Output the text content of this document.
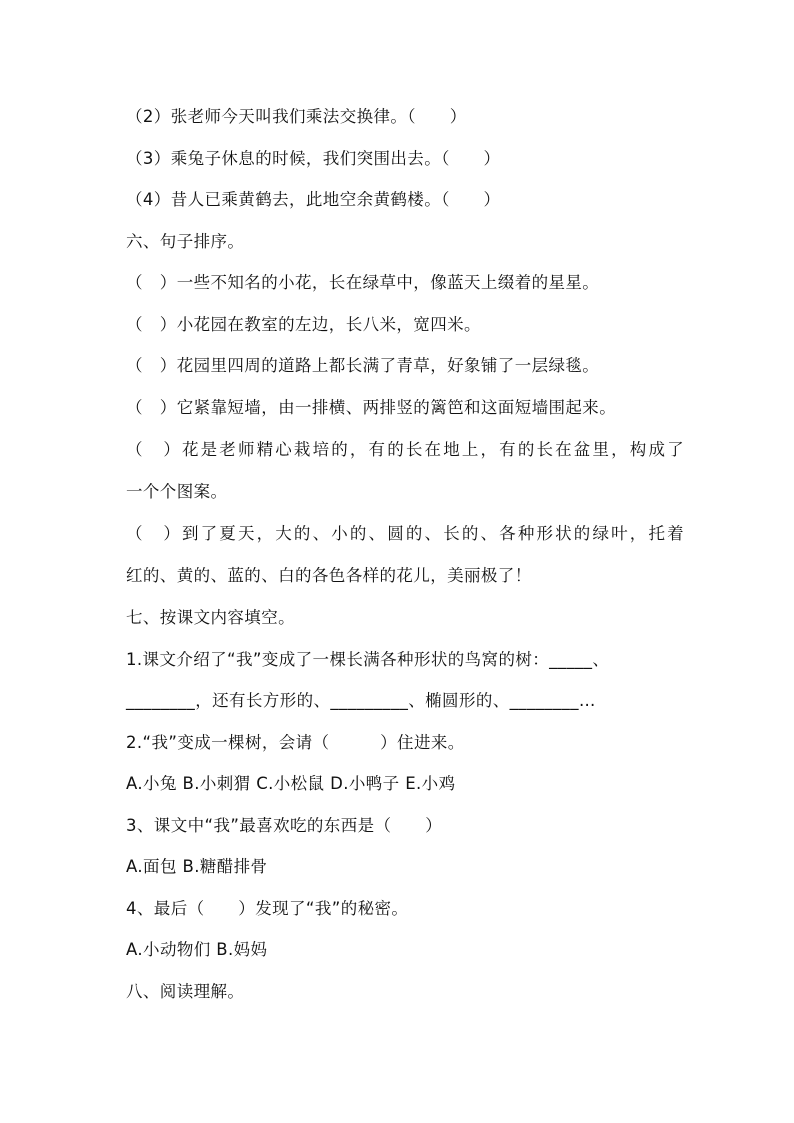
（2）张老师今天叫我们乘法交换律。（　　）
（3）乘兔子休息的时候，我们突围出去。（　　）
（4）昔人已乘黄鹤去，此地空余黄鹤楼。（　　）
六、句子排序。
（　）一些不知名的小花，长在绿草中，像蓝天上缀着的星星。
（　）小花园在教室的左边，长八米，宽四米。
（　）花园里四周的道路上都长满了青草，好象铺了一层绿毯。
（　）它紧靠短墙，由一排横、两排竖的篱笆和这面短墙围起来。
（　）花是老师精心栽培的，有的长在地上，有的长在盆里，构成了
一个个图案。
（　）到了夏天，大的、小的、圆的、长的、各种形状的绿叶，托着
红的、黄的、蓝的、白的各色各样的花儿，美丽极了！
七、按课文内容填空。
1.课文介绍了“我”变成了一棵长满各种形状的鸟窝的树：_____、
________，还有长方形的、_________、椭圆形的、________…
2.“我”变成一棵树，会请（　　　）住进来。
A.小兔 B.小刺猬 C.小松鼠 D.小鸭子 E.小鸡
3、课文中“我”最喜欢吃的东西是（　　）
A.面包 B.糖醋排骨
4、最后（　　）发现了“我”的秘密。
A.小动物们 B.妈妈
八、阅读理解。
